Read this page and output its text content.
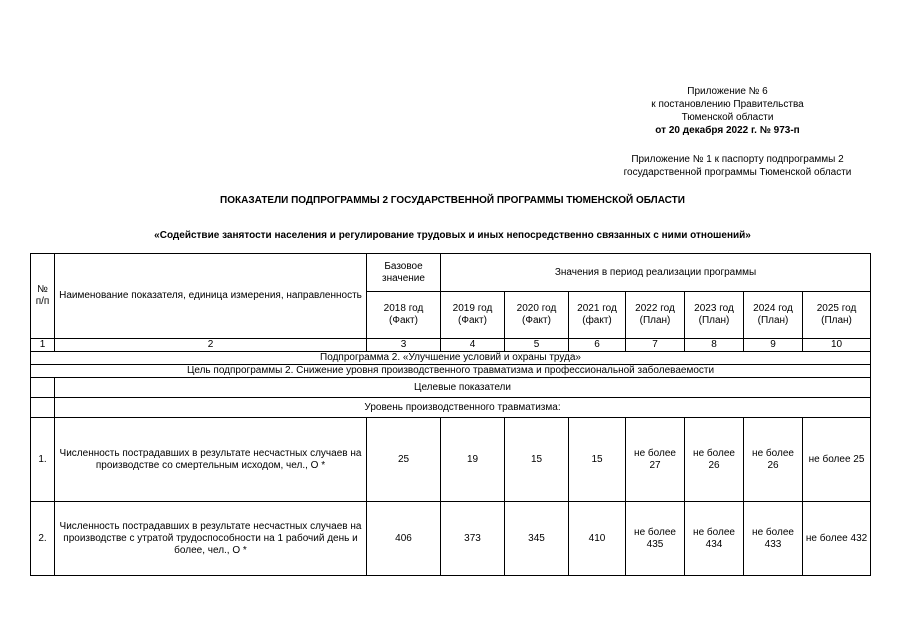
Приложение № 6
к постановлению Правительства
Тюменской области
от 20 декабря 2022 г. № 973-п
Приложение № 1 к паспорту подпрограммы 2
государственной программы Тюменской области
ПОКАЗАТЕЛИ ПОДПРОГРАММЫ 2 ГОСУДАРСТВЕННОЙ ПРОГРАММЫ ТЮМЕНСКОЙ ОБЛАСТИ
«Содействие занятости населения и регулирование трудовых и иных непосредственно связанных с ними отношений»
№ п/п	Наименование показателя, единица измерения, направленность	Базовое значение	Значения в период реализации программы						
		2018 год (Факт)	2019 год (Факт)	2020 год (Факт)	2021 год (факт)	2022 год (План)	2023 год (План)	2024 год (План)	2025 год (План)
1	2	3	4	5	6	7	8	9	10
Подпрограмма 2. «Улучшение условий и охраны труда»									
Цель подпрограммы 2. Снижение уровня производственного травматизма и профессиональной заболеваемости									
	Целевые показатели								
	Уровень производственного травматизма:								
1.	Численность пострадавших в результате несчастных случаев на производстве со смертельным исходом, чел., О *	25	19	15	15	не более 27	не более 26	не более 26	не более 25
2.	Численность пострадавших в результате несчастных случаев на производстве с утратой трудоспособности на 1 рабочий день и более, чел., О *	406	373	345	410	не более 435	не более 434	не более 433	не более 432
